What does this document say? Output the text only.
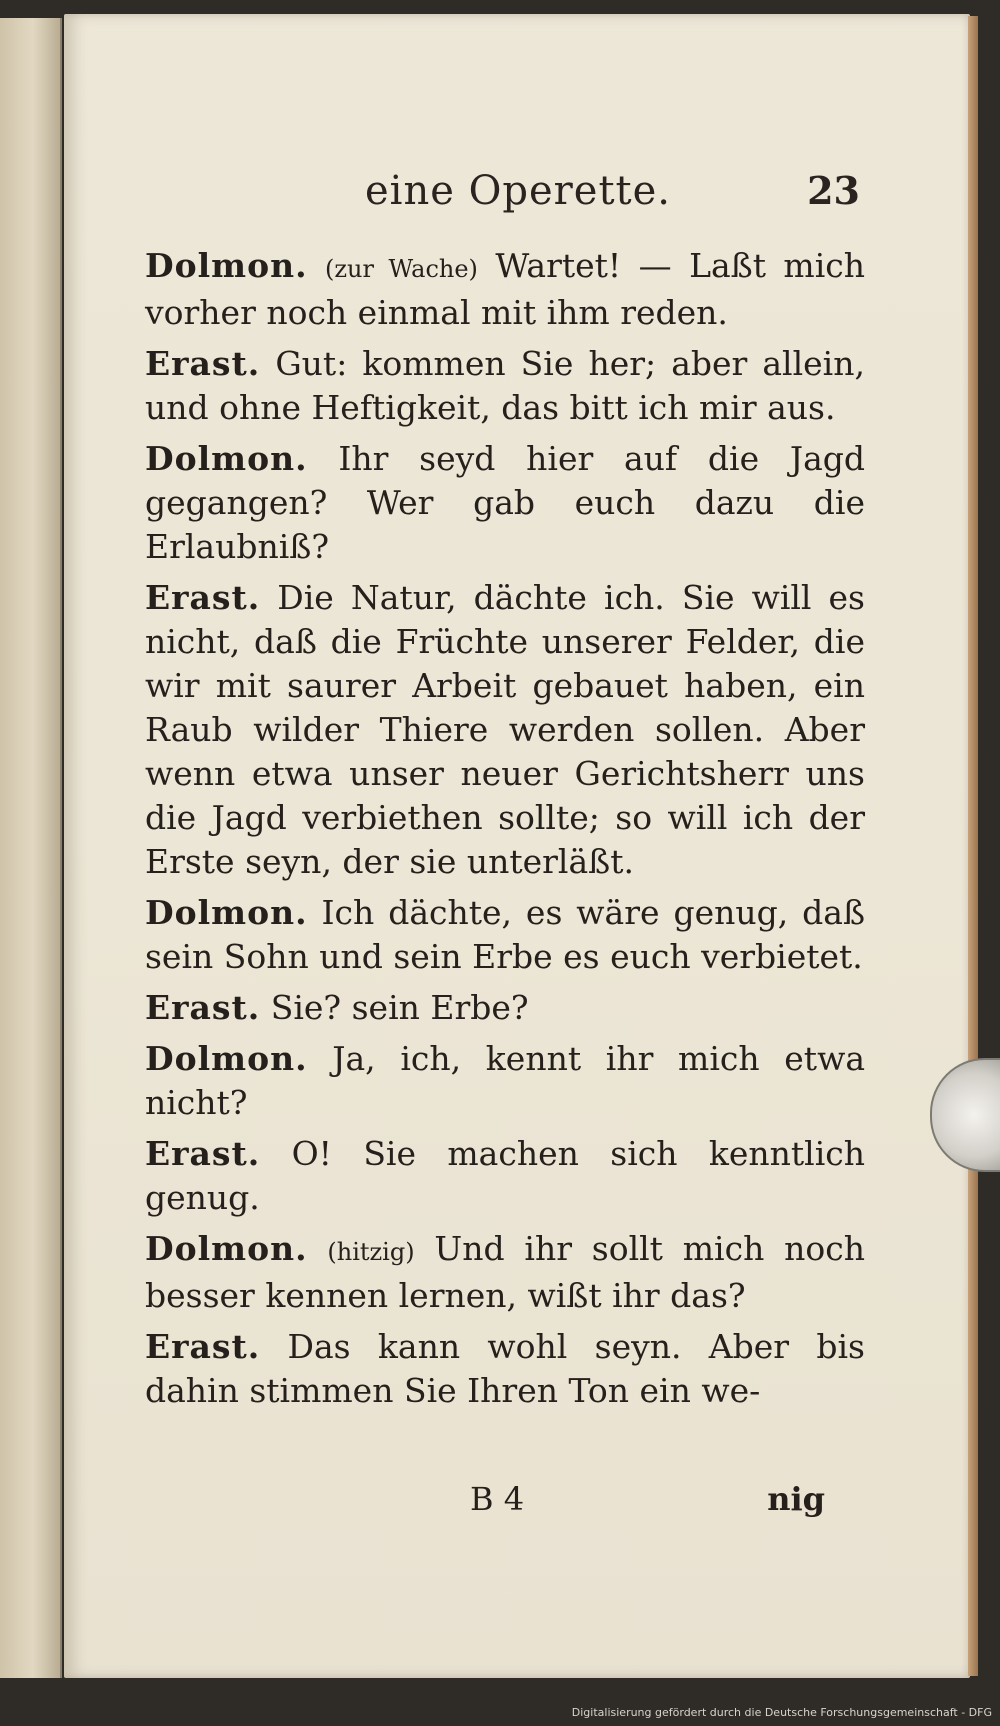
eine Operette.	23

Dolmon. (zur Wache) Wartet! — Laßt mich vorher noch einmal mit ihm reden.

Erast. Gut: kommen Sie her; aber allein, und ohne Heftigkeit, das bitt ich mir aus.

Dolmon. Ihr seyd hier auf die Jagd gegangen? Wer gab euch dazu die Erlaubniß?

Erast. Die Natur, dächte ich. Sie will es nicht, daß die Früchte unserer Felder, die wir mit saurer Arbeit gebauet haben, ein Raub wilder Thiere werden sollen. Aber wenn etwa unser neuer Gerichtsherr uns die Jagd verbiethen sollte; so will ich der Erste seyn, der sie unterläßt.

Dolmon. Ich dächte, es wäre genug, daß sein Sohn und sein Erbe es euch verbietet.

Erast. Sie? sein Erbe?

Dolmon. Ja, ich, kennt ihr mich etwa nicht?

Erast. O! Sie machen sich kenntlich genug.

Dolmon. (hitzig) Und ihr sollt mich noch besser kennen lernen, wißt ihr das?

Erast. Das kann wohl seyn. Aber bis dahin stimmen Sie Ihren Ton ein we-

B 4	nig
Digitalisierung gefördert durch die Deutsche Forschungsgemeinschaft - DFG
